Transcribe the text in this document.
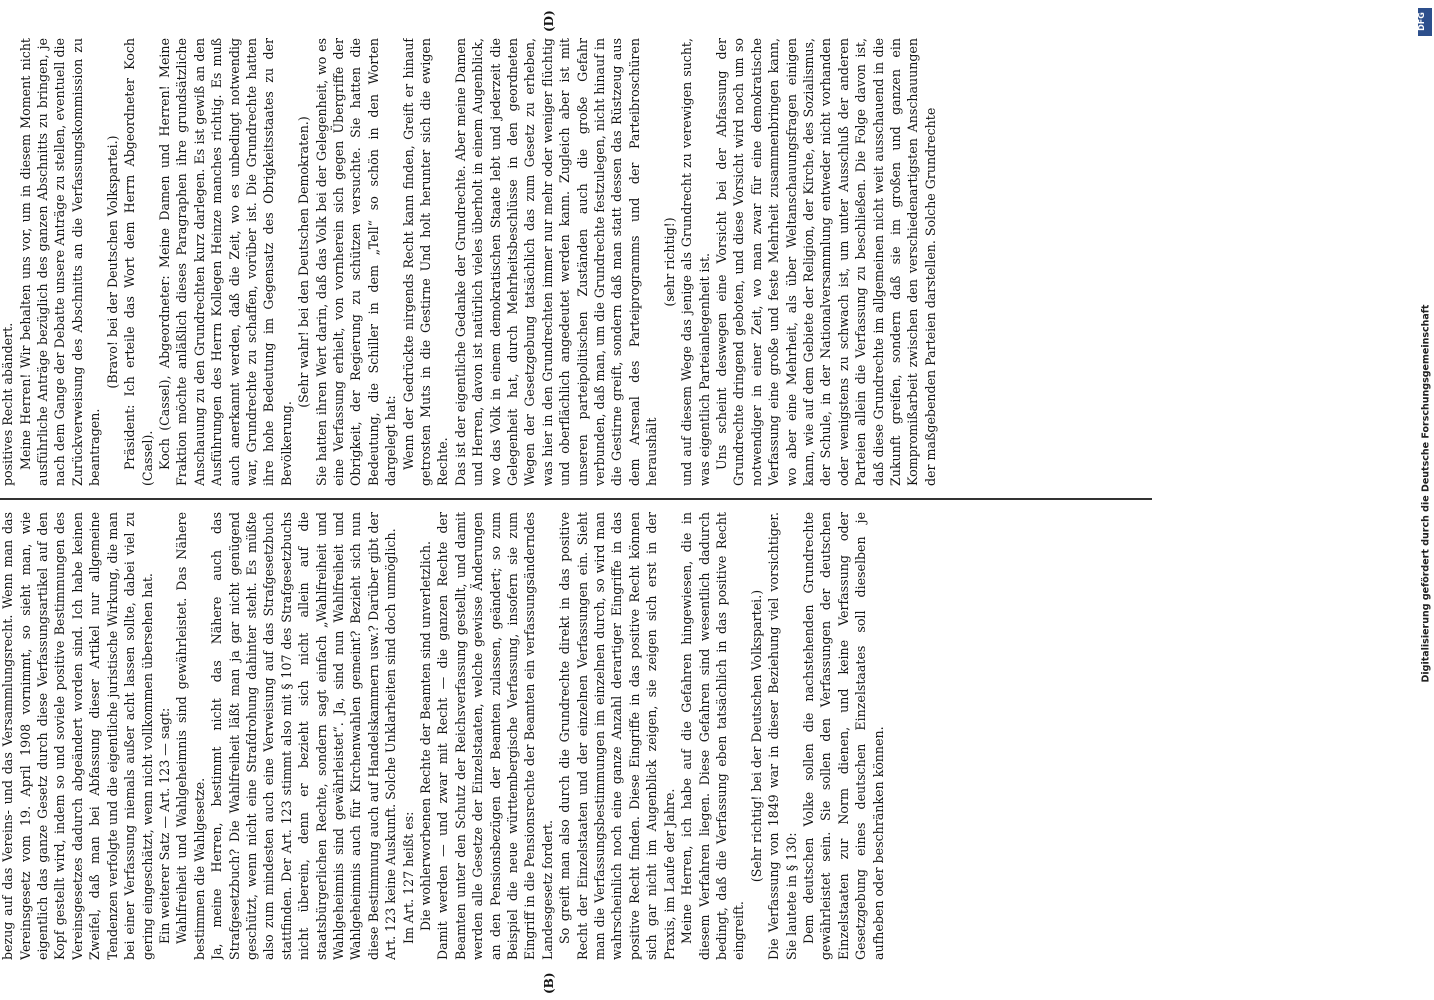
bezug auf das Vereins- und das Versammlungsrecht. Wenn man das Vereinsgesetz vom 19. April 1908 vornimmt, so sieht man, wie eigentlich das ganze Gesetz durch diese Verfassungsartikel auf den Kopf gestellt wird, indem so und soviele positive Bestimmungen des Vereinsgesetzes dadurch abgeändert worden sind. Ich habe keinen Zweifel, daß man bei Abfassung dieser Artikel nur allgemeine Tendenzen verfolgte und die eigentliche juristische Wirkung, die man bei einer Verfassung niemals außer acht lassen sollte, dabei viel zu gering eingeschätzt, wenn nicht vollkommen übersehen hat.

Ein weiterer Satz — Art. 123 — sagt: Wahlfreiheit und Wahlgeheimnis sind gewährleistet. Das Nähere bestimmen die Wahlgesetze. Ja, meine Herren, bestimmt nicht das Nähere auch das Strafgesetzbuch? Die Wahlfreiheit läßt man ja gar nicht genügend geschützt, wenn nicht eine Strafdrohung dahinter steht. Es müßte also zum mindesten auch eine Verweisung auf das Strafgesetzbuch stattfinden. Der Art. 123 stimmt also mit § 107 des Strafgesetzbuchs nicht überein, denn er bezieht sich nicht allein auf die staatsbürgerlichen Rechte, sondern sagt einfach „Wahlfreiheit und Wahlgeheimnis sind gewährleistet“. Ja, sind nun Wahlfreiheit und Wahlgeheimnis auch für Kirchenwahlen gemeint? Bezieht sich nun diese Bestimmung auch auf Handelskammern usw.? Darüber gibt der Art. 123 keine Auskunft. Solche Unklarheiten sind doch unmöglich. Im Art. 127 heißt es: Die wohlerworbenen Rechte der Beamten sind unverletzlich. Damit werden — und zwar mit Recht — die ganzen Rechte der Beamten unter den Schutz der Reichsverfassung gestellt, und damit werden alle Gesetze der Einzelstaaten, welche gewisse Änderungen an den Pensionsbezügen der Beamten zulassen, geändert; so zum Beispiel die neue württembergische Verfassung, insofern sie zum Eingriff in die Pensionsrechte der Beamten ein verfassungsänderndes Landesgesetz fordert. So greift man also durch die Grundrechte direkt in das positive Recht der Einzelstaaten und der einzelnen Verfassungen ein. Sieht man die Verfassungsbestimmungen im einzelnen durch, so wird man wahrscheinlich noch eine ganze Anzahl derartiger Eingriffe in das positive Recht finden. Diese Eingriffe in das positive Recht können sich gar nicht im Augenblick zeigen, sie zeigen sich erst in der Praxis, im Laufe der Jahre. Meine Herren, ich habe auf die Gefahren hingewiesen, die in diesem Verfahren liegen. Diese Gefahren sind wesentlich dadurch bedingt, daß die Verfassung eben tatsächlich in das positive Recht eingreift.

(Sehr richtig! bei der Deutschen Volkspartei.) Die Verfassung von 1849 war in dieser Beziehung viel vorsichtiger. Sie lautete in § 130: Dem deutschen Volke sollen die nachstehenden Grundrechte gewährleistet sein. Sie sollen den Verfassungen der deutschen Einzelstaaten zur Norm dienen, und keine Verfassung oder Gesetzgebung eines deutschen Einzelstaates soll dieselben je aufheben oder beschränken können.

positives Recht abändert. Meine Herren! Wir behalten uns vor, um in diesem Moment nicht ausführliche Anträge bezüglich des ganzen Abschnitts zu bringen, je nach dem Gange der Debatte unsere Anträge zu stellen, eventuell die Zurückverweisung des Abschnitts an die Verfassungskommission zu beantragen.

(Bravo! bei der Deutschen Volkspartei.) Präsident: Ich erteile das Wort dem Herrn Abgeordneter Koch (Cassel). Koch (Cassel), Abgeordneter: Meine Damen und Herren! Meine Fraktion möchte anläßlich dieses Paragraphen ihre grundsätzliche Anschauung zu den Grundrechten kurz darlegen. Es ist gewiß an den Ausführungen des Herrn Kollegen Heinze manches richtig. Es muß auch anerkannt werden, daß die Zeit, wo es unbedingt notwendig war, Grundrechte zu schaffen, vorüber ist. Die Grundrechte hatten ihre hohe Bedeutung im Gegensatz des Obrigkeitsstaates zu der Bevölkerung.

(Sehr wahr! bei den Deutschen Demokraten.) Sie hatten ihren Wert darin, daß das Volk bei der Gelegenheit, wo es eine Verfassung erhielt, von vornherein sich gegen Übergriffe der Obrigkeit, der Regierung zu schützen versuchte. Sie hatten die Bedeutung, die Schiller in dem „Tell“ so schön in den Worten dargelegt hat: Wenn der Gedrückte nirgends Recht kann finden, Greift er hinauf getrosten Muts in die Gestirne Und holt herunter sich die ewigen Rechte. Das ist der eigentliche Gedanke der Grundrechte. Aber meine Damen und Herren, davon ist natürlich vieles überholt in einem Augenblick, wo das Volk in einem demokratischen Staate lebt und jederzeit die Gelegenheit hat, durch Mehrheitsbeschlüsse in den geordneten Wegen der Gesetzgebung tatsächlich das zum Gesetz zu erheben, was hier in den Grundrechten immer nur mehr oder weniger flüchtig und oberflächlich angedeutet werden kann. Zugleich aber ist mit unseren parteipolitischen Zuständen auch die große Gefahr verbunden, daß man, um die Grundrechte festzulegen, nicht hinauf in die Gestirne greift, sondern daß man statt dessen das Rüstzeug aus dem Arsenal des Parteiprogramms und der Parteibroschüren heraushält

(sehr richtig!) und auf diesem Wege das jenige als Grundrecht zu verewigen sucht, was eigentlich Parteianlegenheit ist. Uns scheint deswegen eine Vorsicht bei der Abfassung der Grundrechte dringend geboten, und diese Vorsicht wird noch um so notwendiger in einer Zeit, wo man zwar für eine demokratische Verfassung eine große und feste Mehrheit zusammenbringen kann, wo aber eine Mehrheit, als über Weltanschauungsfragen einigen kann, wie auf dem Gebiete der Religion, der Kirche, des Sozialismus, der Schule, in der Nationalversammlung entweder nicht vorhanden oder wenigstens zu schwach ist, um unter Ausschluß der anderen Parteien allein die Verfassung zu beschließen. Die Folge davon ist, daß diese Grundrechte im allgemeinen nicht weit ausschauend in die Zukunft greifen, sondern daß sie im großen und ganzen ein Kompromißarbeit zwischen den verschiedenartigsten Anschauungen der maßgebenden Parteien darstellen. Solche Grundrechte

(B)
(D)
Digitalisierung gefördert durch die Deutsche Forschungsgemeinschaft
DFG
